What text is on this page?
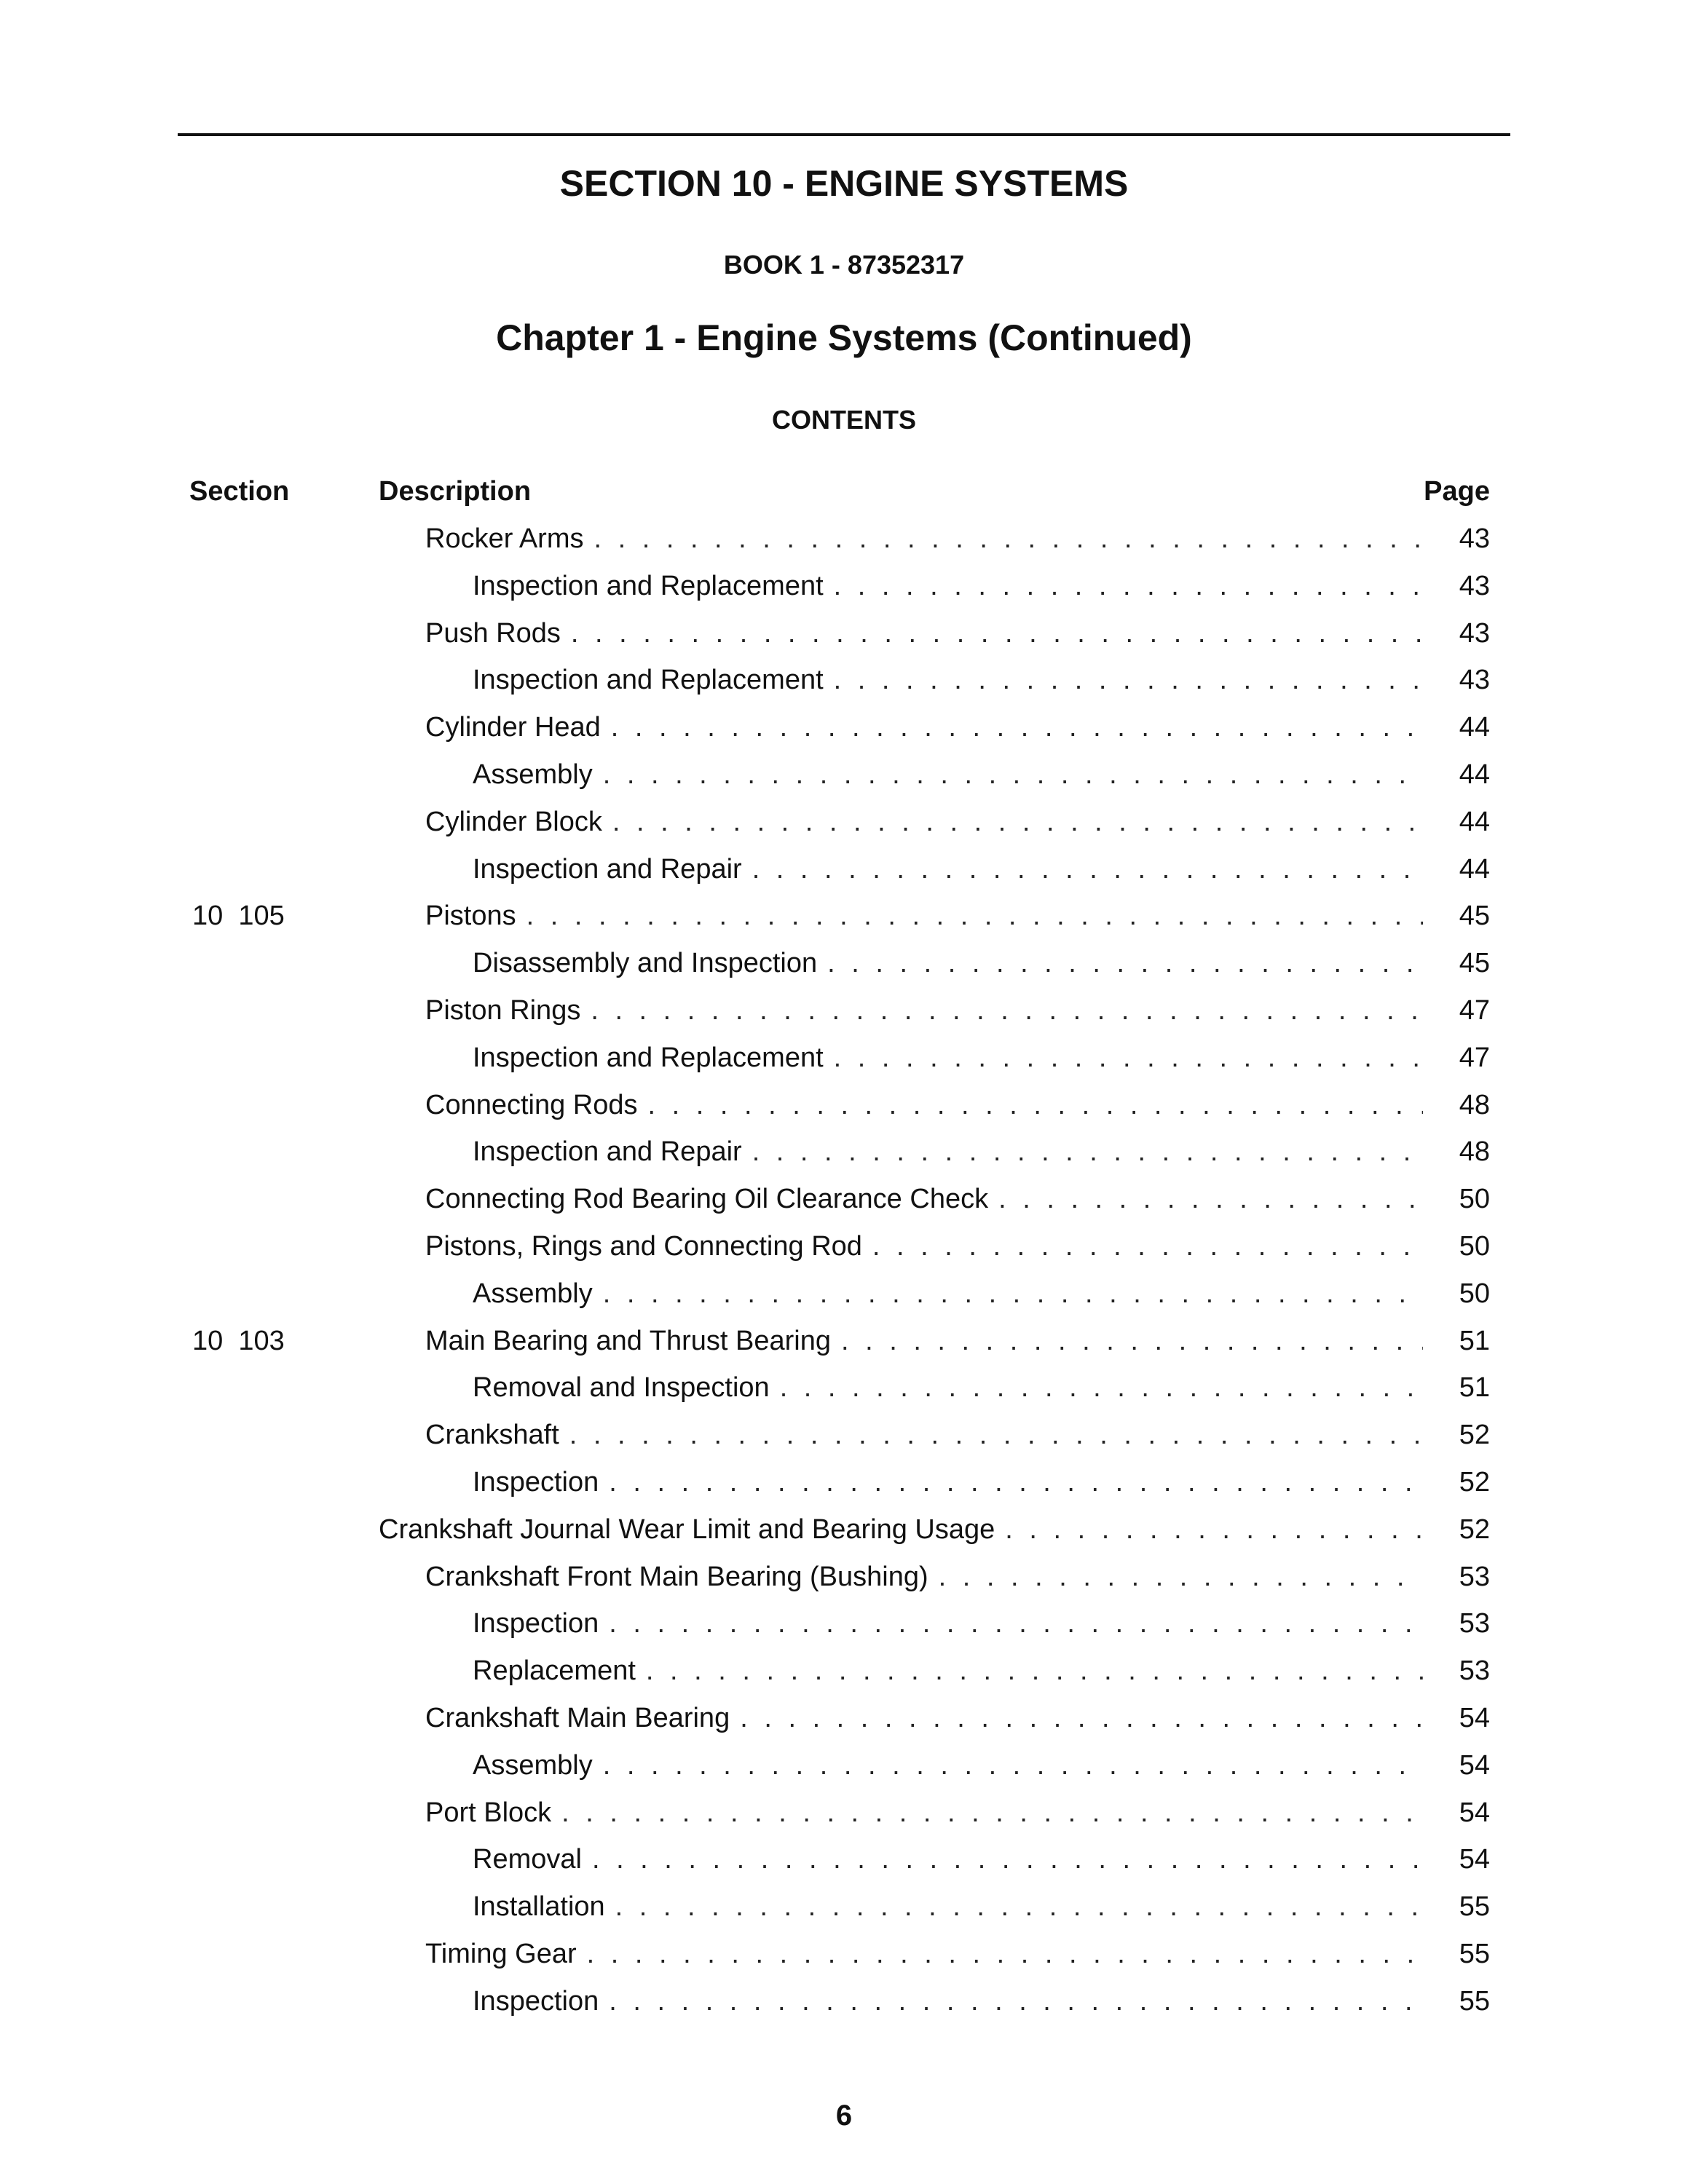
SECTION 10 - ENGINE SYSTEMS
BOOK 1 - 87352317
Chapter 1 - Engine Systems (Continued)
CONTENTS
Section	Description	Page
Rocker Arms . . .	43
Inspection and Replacement . . .	43
Push Rods . . .	43
Inspection and Replacement . . .	43
Cylinder Head . . .	44
Assembly . . .	44
Cylinder Block . . .	44
Inspection and Repair . . .	44
10  105	Pistons . . .	45
Disassembly and Inspection . . .	45
Piston Rings . . .	47
Inspection and Replacement . . .	47
Connecting Rods . . .	48
Inspection and Repair . . .	48
Connecting Rod Bearing Oil Clearance Check . . .	50
Pistons, Rings and Connecting Rod . . .	50
Assembly . . .	50
10  103	Main Bearing and Thrust Bearing . . .	51
Removal and Inspection . . .	51
Crankshaft . . .	52
Inspection . . .	52
Crankshaft Journal Wear Limit and Bearing Usage . . .	52
Crankshaft Front Main Bearing (Bushing) . . .	53
Inspection . . .	53
Replacement . . .	53
Crankshaft Main Bearing . . .	54
Assembly . . .	54
Port Block . . .	54
Removal . . .	54
Installation . . .	55
Timing Gear . . .	55
Inspection . . .	55
6
